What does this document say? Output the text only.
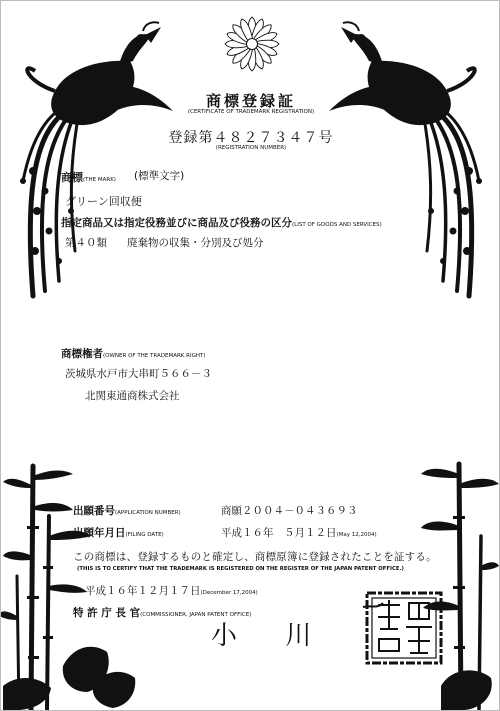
商標登録証
(CERTIFICATE OF TRADEMARK REGISTRATION)
登録第４８２７３４７号
(REGISTRATION NUMBER)
商標(THE MARK) (標準文字)
グリーン回収便
指定商品又は指定役務並びに商品及び役務の区分(LIST OF GOODS AND SERVICES)
第４０類 廃棄物の収集・分別及び処分
商標権者(OWNER OF THE TRADEMARK RIGHT)
茨城県水戸市大串町５６６－３
北関東通商株式会社
出願番号(APPLICATION NUMBER)	商願２００４－０４３６９３
出願年月日(FILING DATE)	平成１６年　５月１２日(May 12,2004)
この商標は、登録するものと確定し、商標原簿に登録されたことを証する。
(THIS IS TO CERTIFY THAT THE TRADEMARK IS REGISTERED ON THE REGISTER OF THE JAPAN PATENT OFFICE.)
平成１６年１２月１７日(December 17,2004)
特 許 庁 長 官(COMMISSIONER, JAPAN PATENT OFFICE)
小 川
